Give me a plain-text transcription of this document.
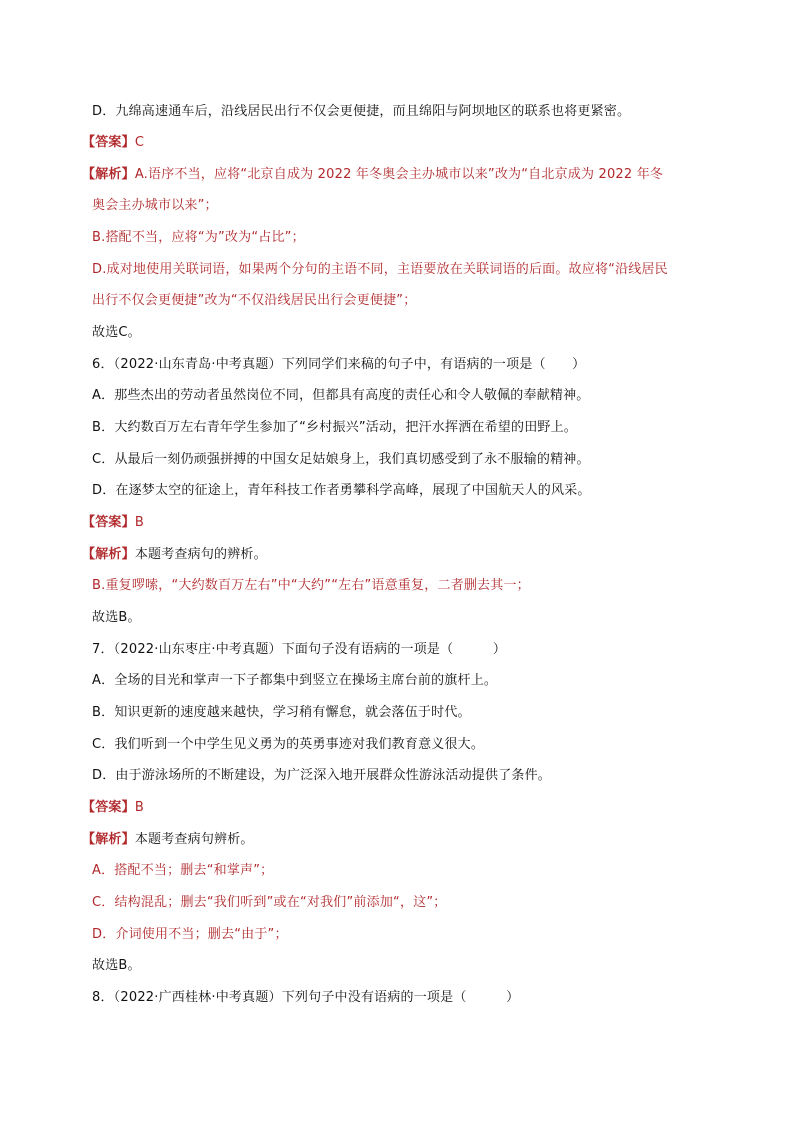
D．九绵高速通车后，沿线居民出行不仅会更便捷，而且绵阳与阿坝地区的联系也将更紧密。
【答案】C
【解析】A.语序不当，应将“北京自成为 2022 年冬奥会主办城市以来”改为“自北京成为 2022 年冬
奥会主办城市以来”；
B.搭配不当，应将“为”改为“占比”；
D.成对地使用关联词语，如果两个分句的主语不同，主语要放在关联词语的后面。故应将“沿线居民
出行不仅会更便捷”改为“不仅沿线居民出行会更便捷”；
故选C。
6．（2022·山东青岛·中考真题）下列同学们来稿的句子中，有语病的一项是（　　）
A．那些杰出的劳动者虽然岗位不同，但都具有高度的责任心和令人敬佩的奉献精神。
B．大约数百万左右青年学生参加了“乡村振兴”活动，把汗水挥洒在希望的田野上。
C．从最后一刻仍顽强拼搏的中国女足姑娘身上，我们真切感受到了永不服输的精神。
D．在逐梦太空的征途上，青年科技工作者勇攀科学高峰，展现了中国航天人的风采。
【答案】B
【解析】本题考查病句的辨析。
B.重复啰嗦，“大约数百万左右”中“大约”“左右”语意重复，二者删去其一；
故选B。
7．（2022·山东枣庄·中考真题）下面句子没有语病的一项是（　　　）
A．全场的目光和掌声一下子都集中到竖立在操场主席台前的旗杆上。
B．知识更新的速度越来越快，学习稍有懈怠，就会落伍于时代。
C．我们听到一个中学生见义勇为的英勇事迹对我们教育意义很大。
D．由于游泳场所的不断建设，为广泛深入地开展群众性游泳活动提供了条件。
【答案】B
【解析】本题考查病句辨析。
A．搭配不当；删去“和掌声”；
C．结构混乱；删去“我们听到”或在“对我们”前添加“，这”；
D．介词使用不当；删去“由于”；
故选B。
8．（2022·广西桂林·中考真题）下列句子中没有语病的一项是（　　　）
